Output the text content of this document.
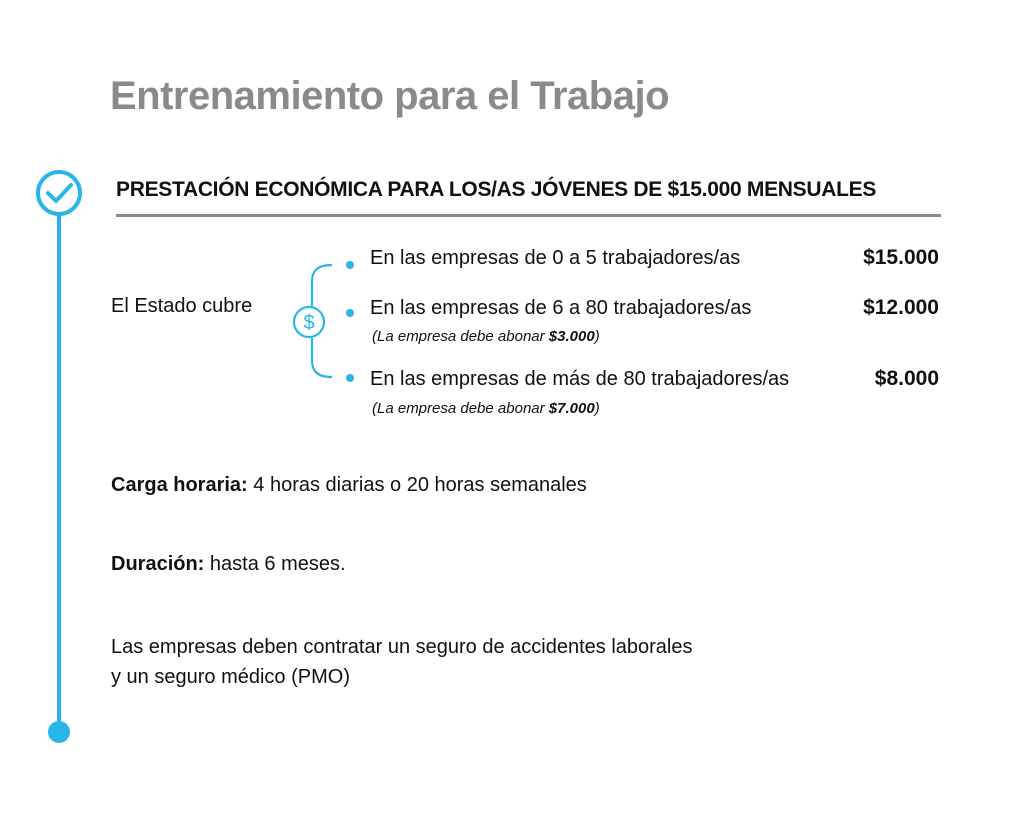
Entrenamiento para el Trabajo
PRESTACIÓN ECONÓMICA PARA LOS/AS JÓVENES DE $15.000 MENSUALES
El Estado cubre
$
En las empresas de 0 a 5 trabajadores/as	$15.000
En las empresas de 6 a 80 trabajadores/as	$12.000
(La empresa debe abonar $3.000)
En las empresas de más de 80 trabajadores/as	$8.000
(La empresa debe abonar $7.000)
Carga horaria: 4 horas diarias o 20 horas semanales
Duración: hasta 6 meses.
Las empresas deben contratar un seguro de accidentes laborales
y un seguro médico (PMO)
